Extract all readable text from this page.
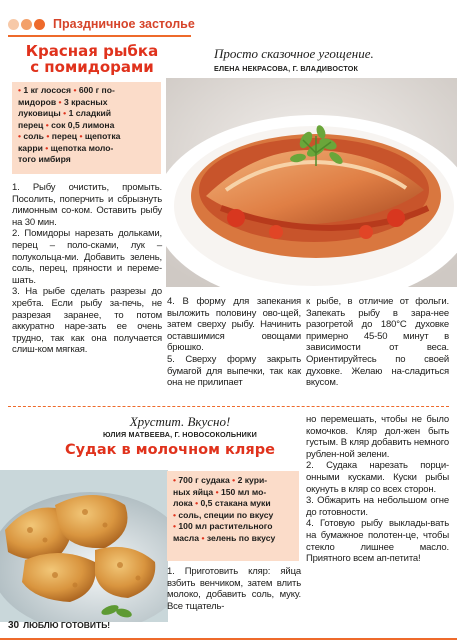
Праздничное застолье
Красная рыбка
с помидорами
• 1 кг лосося • 600 г по-
мидоров • 3 красных
луковицы • 1 сладкий
перец • сок 0,5 лимона
• соль • перец • щепотка
карри • щепотка моло-
того имбиря
Просто сказочное угощение.
ЕЛЕНА НЕКРАСОВА, Г. ВЛАДИВОСТОК

1. Рыбу очистить, промыть. Посолить, поперчить и сбрызнуть лимонным со-ком. Оставить рыбу на 30 мин.

2. Помидоры нарезать дольками, перец – поло-сками, лук – полукольца-ми. Добавить зелень, соль, перец, пряности и переме-шать.

3. На рыбе сделать разрезы до хребта. Если рыбу за-печь, не разрезая заранее, то потом аккуратно наре-зать ее очень трудно, так как она получается слиш-ком мягкая.

4. В форму для запекания выложить половину ово-щей, затем сверху рыбу. Начинить оставшимися овощами брюшко.

5. Сверху форму закрыть бумагой для выпечки, так как она не прилипает

к рыбе, в отличие от фольги. Запекать рыбу в зара-нее разогретой до 180°C духовке примерно 45-50 минут в зависимости от веса. Ориентируйтесь по своей духовке. Желаю на-сладиться вкусом.

Хрустит. Вкусно!
ЮЛИЯ МАТВЕЕВА, Г. НОВОСОКОЛЬНИКИ
Судак в молочном кляре
• 700 г судака • 2 кури-
ных яйца • 150 мл мо-
лока • 0,5 стакана муки
• соль, специи по вкусу
• 100 мл растительного
масла • зелень по вкусу

1. Приготовить кляр: яйца взбить венчиком, затем влить молоко, добавить соль, муку. Все тщатель-

но перемешать, чтобы не было комочков. Кляр дол-жен быть густым. В кляр добавить немного рублен-ной зелени.

2. Судака нарезать порци-онными кусками. Куски рыбы окунуть в кляр со всех сторон.

3. Обжарить на небольшом огне до готовности.

4. Готовую рыбу выклады-вать на бумажное полотен-це, чтобы стекло лишнее масло. Приятного всем ап-петита!

30 ЛЮБЛЮ ГОТОВИТЬ!
